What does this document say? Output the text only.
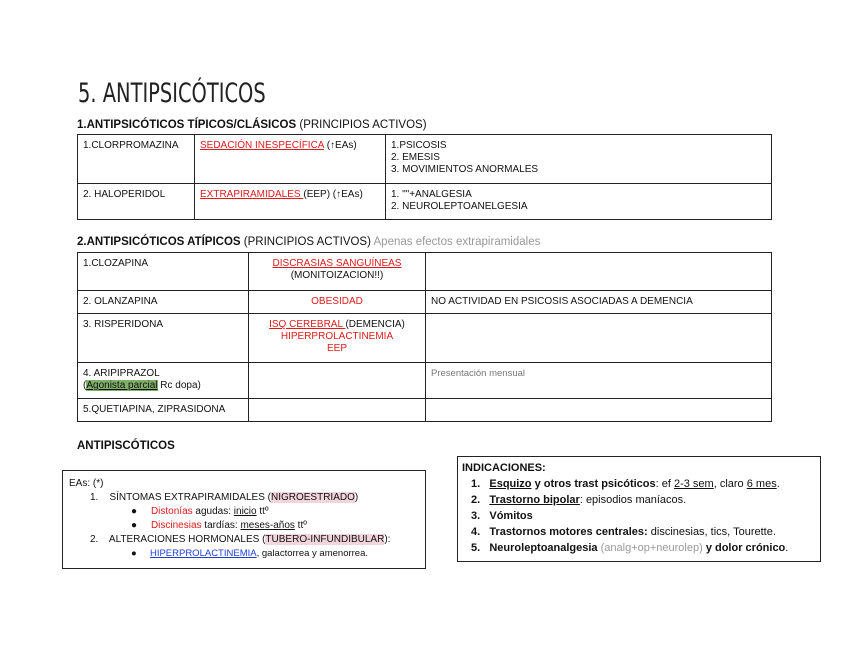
5. ANTIPSICÓTICOS
1.ANTIPSICÓTICOS TÍPICOS/CLÁSICOS (PRINCIPIOS ACTIVOS)
1.CLORPROMAZINA	SEDACIÓN INESPECÍFICA (↑EAs)	1.PSICOSIS
2. EMESIS
3. MOVIMIENTOS ANORMALES

2. HALOPERIDOL	EXTRAPIRAMIDALES (EEP) (↑EAs)	1. ""+ANALGESIA
2. NEUROLEPTOANELGESIA
2.ANTIPSICÓTICOS ATÍPICOS (PRINCIPIOS ACTIVOS) Apenas efectos extrapiramidales
1.CLOZAPINA	DISCRASIAS SANGUÍNEAS
(MONITOIZACION!!)	

2. OLANZAPINA	OBESIDAD	NO ACTIVIDAD EN PSICOSIS ASOCIADAS A DEMENCIA
3. RISPERIDONA	ISQ CEREBRAL (DEMENCIA)
HIPERPROLACTINEMIA
EEP	

4. ARIPIPRAZOL
(Agonista parcial Rc dopa)		Presentación mensual
5.QUETIAPINA, ZIPRASIDONA		
ANTIPISCÓTICOS
EAs: (*)
1. SÍNTOMAS EXTRAPIRAMIDALES (NIGROESTRIADO)
● Distonías agudas: inicio ttº
● Discinesias tardías: meses-años ttº
2. ALTERACIONES HORMONALES (TUBERO-INFUNDIBULAR):
● HIPERPROLACTINEMIA, galactorrea y amenorrea.
INDICACIONES:
1. Esquizo y otros trast psicóticos: ef 2-3 sem, claro 6 mes.
2. Trastorno bipolar: episodios maníacos.
3. Vómitos
4. Trastornos motores centrales: discinesias, tics, Tourette.
5. Neuroleptoanalgesia (analg+op+neurolep) y dolor crónico.
